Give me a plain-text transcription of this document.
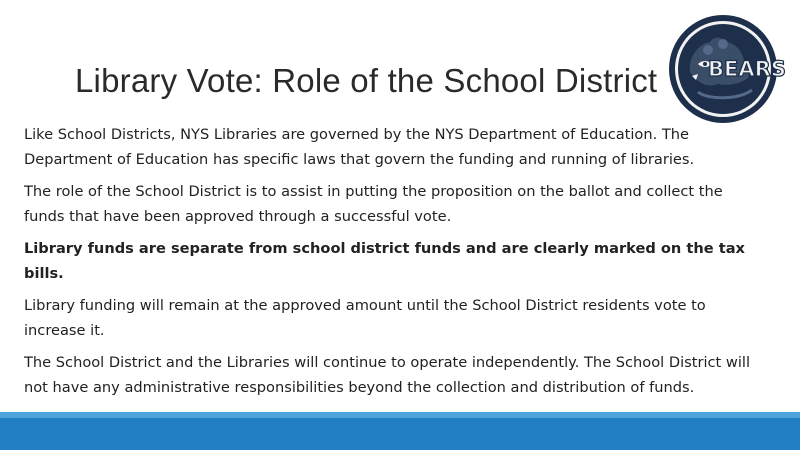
Library Vote: Role of the School District	BEARS

Like School Districts, NYS Libraries are governed by the NYS Department of Education. The Department of Education has specific laws that govern the funding and running of libraries.

The role of the School District is to assist in putting the proposition on the ballot and collect the funds that have been approved through a successful vote.

Library funds are separate from school district funds and are clearly marked on the tax bills.

Library funding will remain at the approved amount until the School District residents vote to increase it.

The School District and the Libraries will continue to operate independently. The School District will not have any administrative responsibilities beyond the collection and distribution of funds.
